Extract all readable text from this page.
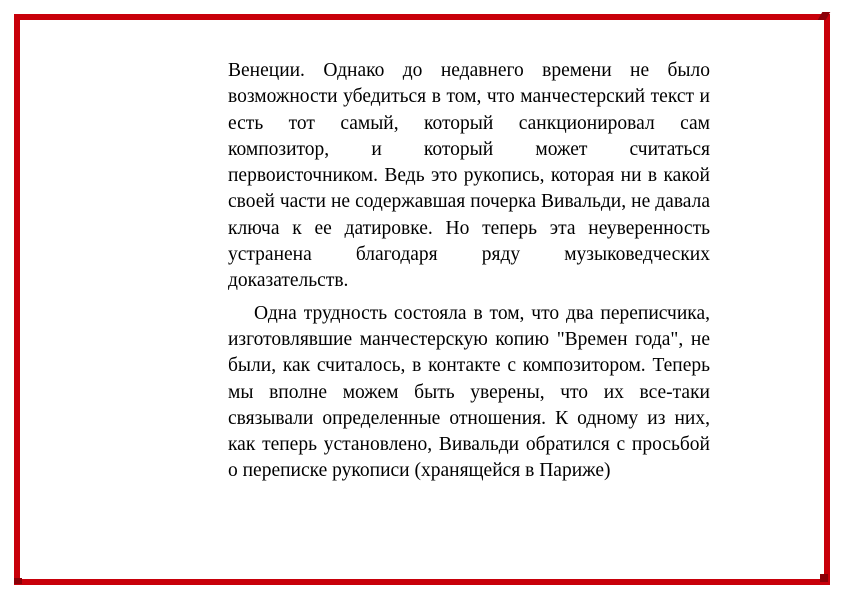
Венеции. Однако до недавнего времени не было возможности убедиться в том, что манчестерский текст и есть тот самый, который санкционировал сам композитор, и который может считаться первоисточником. Ведь это рукопись, которая ни в какой своей части не содержавшая почерка Вивальди, не давала ключа к ее датировке. Но теперь эта неуверенность устранена благодаря ряду музыковедческих доказательств.

Одна трудность состояла в том, что два переписчика, изготовлявшие манчестерскую копию "Времен года", не были, как считалось, в контакте с композитором. Теперь мы вполне можем быть уверены, что их все-таки связывали определенные отношения. К одному из них, как теперь установлено, Вивальди обратился с просьбой о переписке рукописи (хранящейся в Париже)
